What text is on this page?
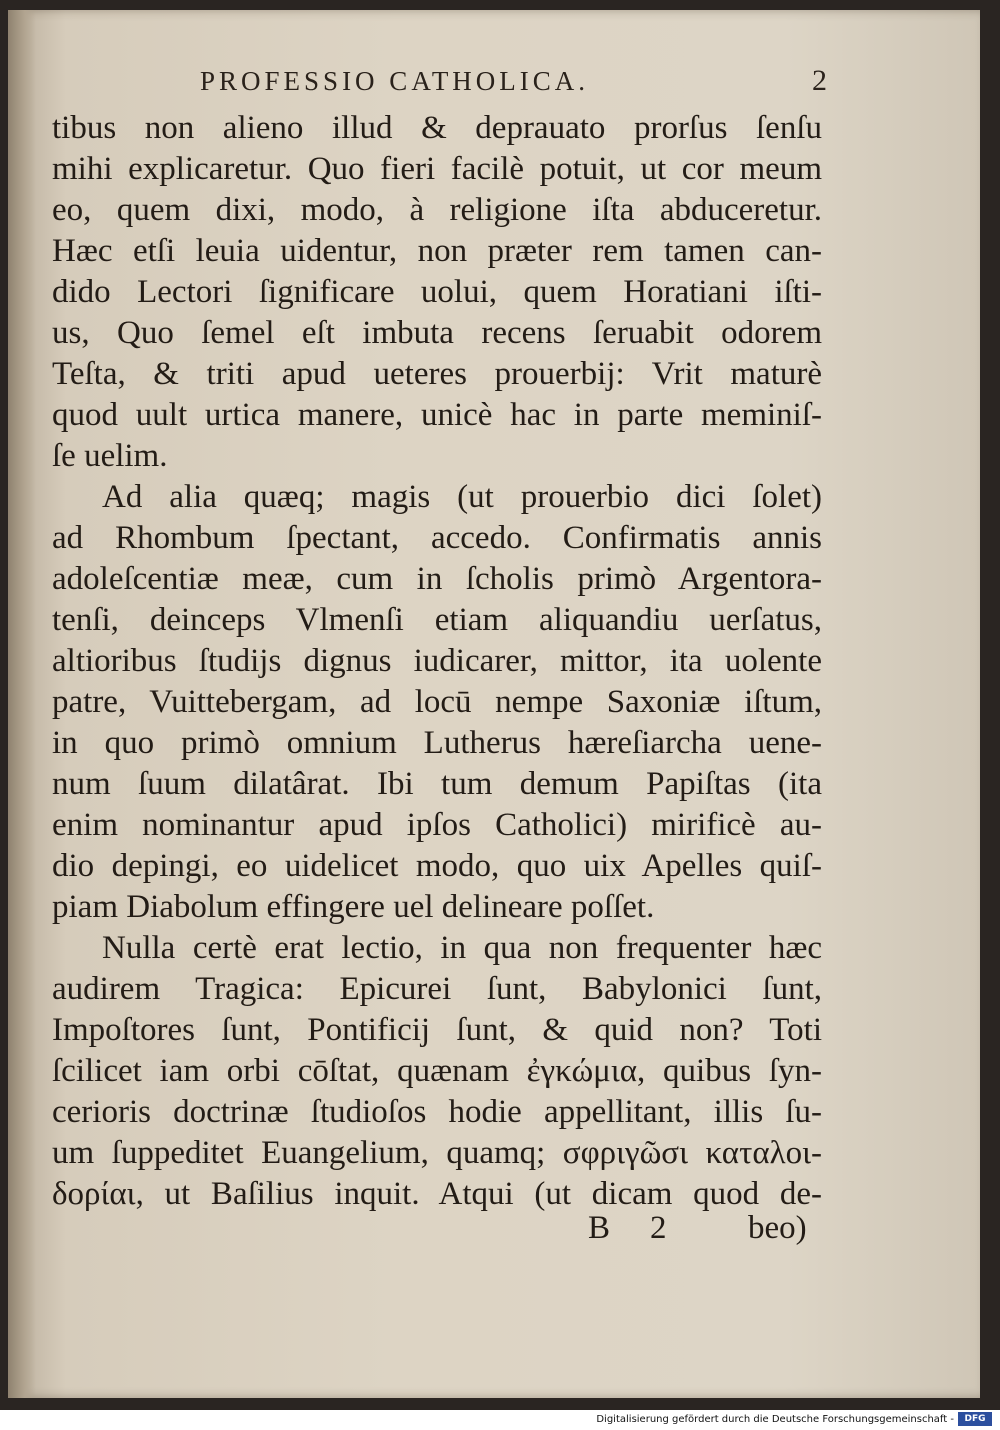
PROFESSIO CATHOLICA.	2
tibus non alieno illud & deprauato prorſus ſenſu
mihi explicaretur. Quo fieri facilè potuit, ut cor meum
eo, quem dixi, modo, à religione iſta abduceretur.
Hæc etſi leuia uidentur, non præter rem tamen can-
dido Lectori ſignificare uolui, quem Horatiani iſti-
us, Quo ſemel eſt imbuta recens ſeruabit odorem
Teſta, & triti apud ueteres prouerbij: Vrit maturè
quod uult urtica manere, unicè hac in parte meminiſ-
ſe uelim.
Ad alia quæq; magis (ut prouerbio dici ſolet)
ad Rhombum ſpectant, accedo. Confirmatis annis
adoleſcentiæ meæ, cum in ſcholis primò Argentora-
tenſi, deinceps Vlmenſi etiam aliquandiu uerſatus,
altioribus ſtudijs dignus iudicarer, mittor, ita uolente
patre, Vuittebergam, ad locū nempe Saxoniæ iſtum,
in quo primò omnium Lutherus hæreſiarcha uene-
num ſuum dilatârat. Ibi tum demum Papiſtas (ita
enim nominantur apud ipſos Catholici) mirificè au-
dio depingi, eo uidelicet modo, quo uix Apelles quiſ-
piam Diabolum effingere uel delineare poſſet.
Nulla certè erat lectio, in qua non frequenter hæc
audirem Tragica: Epicurei ſunt, Babylonici ſunt,
Impoſtores ſunt, Pontificij ſunt, & quid non? Toti
ſcilicet iam orbi cōſtat, quænam ἐγκώμια, quibus ſyn-
cerioris doctrinæ ſtudioſos hodie appellitant, illis ſu-
um ſuppeditet Euangelium, quamq; σφριγῶσι καταλοι-
δορίαι, ut Baſilius inquit. Atqui (ut dicam quod de-
B 2 beo)
Digitalisierung gefördert durch die Deutsche Forschungsgemeinschaft -	DFG
